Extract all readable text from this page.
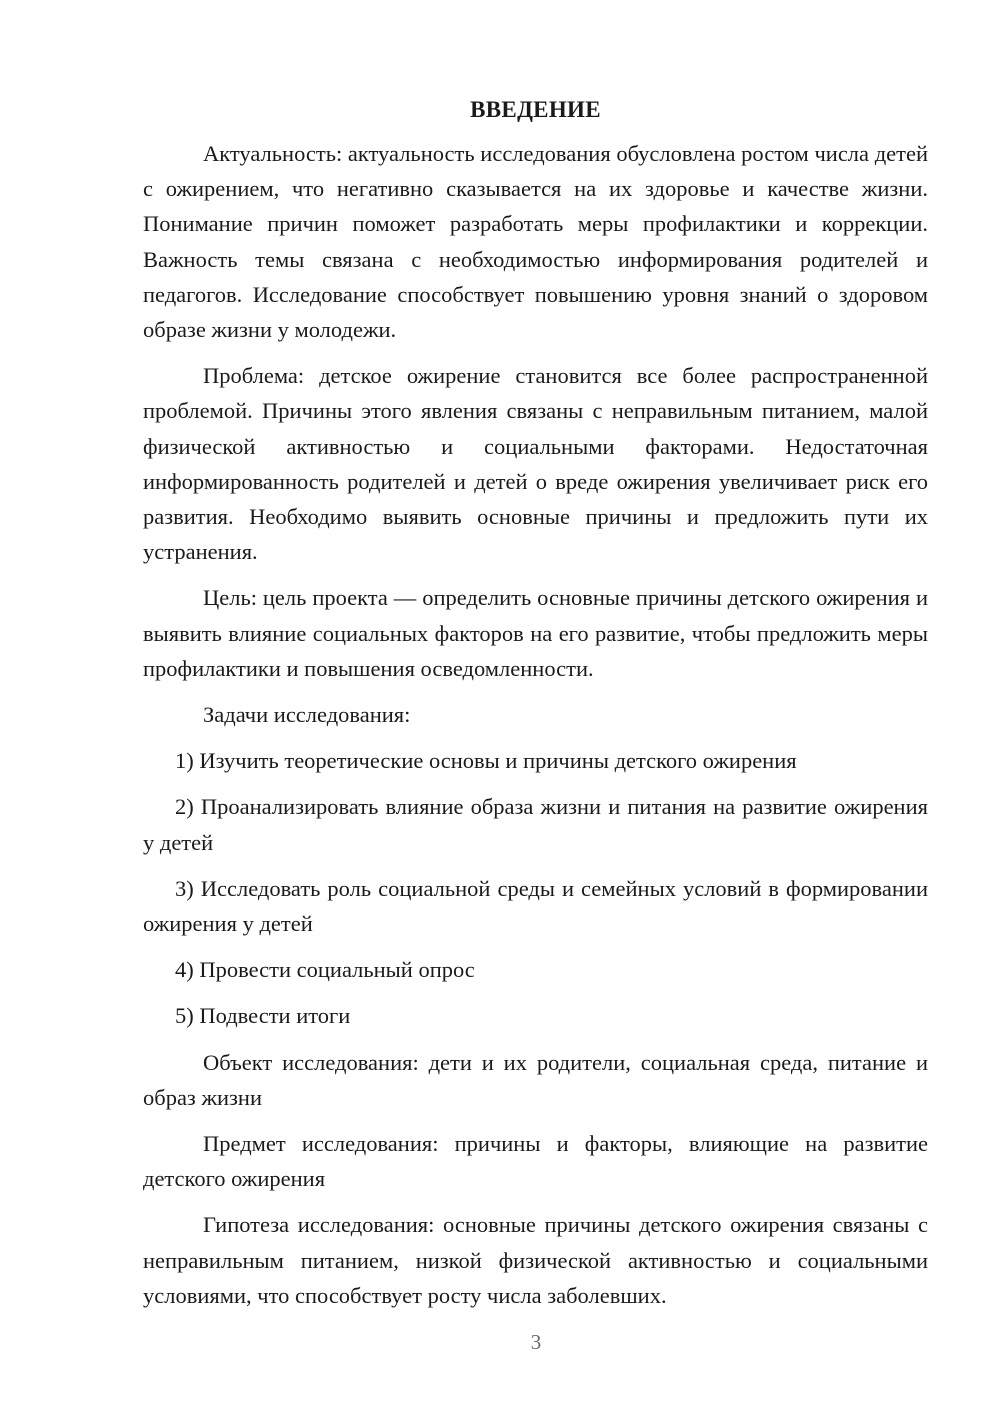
ВВЕДЕНИЕ

Актуальность: актуальность исследования обусловлена ростом числа детей с ожирением, что негативно сказывается на их здоровье и качестве жизни. Понимание причин поможет разработать меры профилактики и коррекции. Важность темы связана с необходимостью информирования родителей и педагогов. Исследование способствует повышению уровня знаний о здоровом образе жизни у молодежи.

Проблема: детское ожирение становится все более распространенной проблемой. Причины этого явления связаны с неправильным питанием, малой физической активностью и социальными факторами. Недостаточная информированность родителей и детей о вреде ожирения увеличивает риск его развития. Необходимо выявить основные причины и предложить пути их устранения.

Цель: цель проекта — определить основные причины детского ожирения и выявить влияние социальных факторов на его развитие, чтобы предложить меры профилактики и повышения осведомленности.

Задачи исследования:

1) Изучить теоретические основы и причины детского ожирения

2) Проанализировать влияние образа жизни и питания на развитие ожирения у детей

3) Исследовать роль социальной среды и семейных условий в формировании ожирения у детей

4) Провести социальный опрос

5) Подвести итоги

Объект исследования: дети и их родители, социальная среда, питание и образ жизни

Предмет исследования: причины и факторы, влияющие на развитие детского ожирения

Гипотеза исследования: основные причины детского ожирения связаны с неправильным питанием, низкой физической активностью и социальными условиями, что способствует росту числа заболевших.

3
